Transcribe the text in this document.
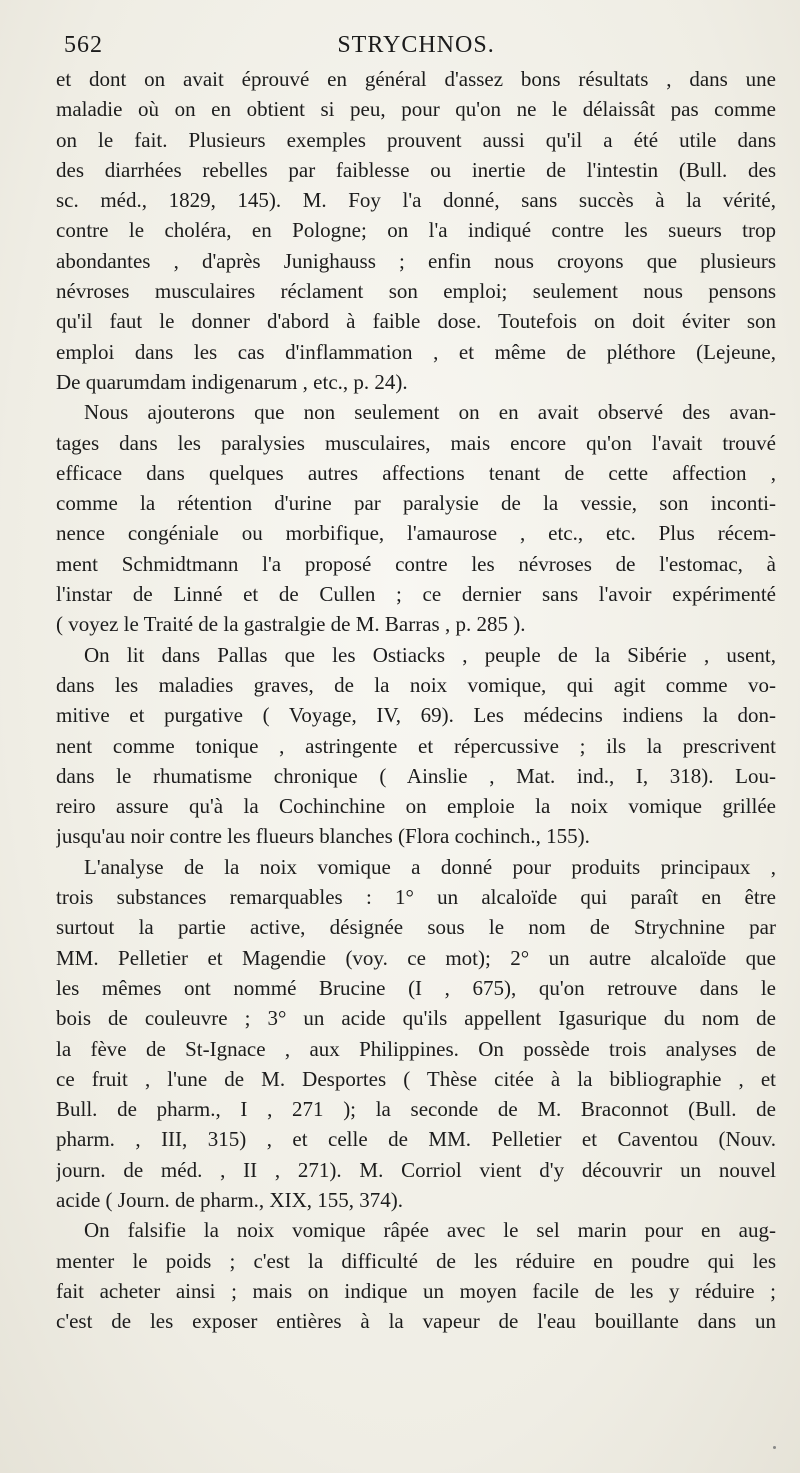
562	STRYCHNOS.
et dont on avait éprouvé en général d'assez bons résultats , dans une
maladie où on en obtient si peu, pour qu'on ne le délaissât pas comme
on le fait. Plusieurs exemples prouvent aussi qu'il a été utile dans
des diarrhées rebelles par faiblesse ou inertie de l'intestin (Bull. des
sc. méd., 1829, 145). M. Foy l'a donné, sans succès à la vérité,
contre le choléra, en Pologne; on l'a indiqué contre les sueurs trop
abondantes , d'après Junighauss ; enfin nous croyons que plusieurs
névroses musculaires réclament son emploi; seulement nous pensons
qu'il faut le donner d'abord à faible dose. Toutefois on doit éviter son
emploi dans les cas d'inflammation , et même de pléthore (Lejeune,
De quarumdam indigenarum , etc., p. 24).
Nous ajouterons que non seulement on en avait observé des avan-
tages dans les paralysies musculaires, mais encore qu'on l'avait trouvé
efficace dans quelques autres affections tenant de cette affection ,
comme la rétention d'urine par paralysie de la vessie, son inconti-
nence congéniale ou morbifique, l'amaurose , etc., etc. Plus récem-
ment Schmidtmann l'a proposé contre les névroses de l'estomac, à
l'instar de Linné et de Cullen ; ce dernier sans l'avoir expérimenté
( voyez le Traité de la gastralgie de M. Barras , p. 285 ).
On lit dans Pallas que les Ostiacks , peuple de la Sibérie , usent,
dans les maladies graves, de la noix vomique, qui agit comme vo-
mitive et purgative ( Voyage, IV, 69). Les médecins indiens la don-
nent comme tonique , astringente et répercussive ; ils la prescrivent
dans le rhumatisme chronique ( Ainslie , Mat. ind., I, 318). Lou-
reiro assure qu'à la Cochinchine on emploie la noix vomique grillée
jusqu'au noir contre les flueurs blanches (Flora cochinch., 155).
L'analyse de la noix vomique a donné pour produits principaux ,
trois substances remarquables : 1° un alcaloïde qui paraît en être
surtout la partie active, désignée sous le nom de Strychnine par
MM. Pelletier et Magendie (voy. ce mot); 2° un autre alcaloïde que
les mêmes ont nommé Brucine (I , 675), qu'on retrouve dans le
bois de couleuvre ; 3° un acide qu'ils appellent Igasurique du nom de
la fève de St-Ignace , aux Philippines. On possède trois analyses de
ce fruit , l'une de M. Desportes ( Thèse citée à la bibliographie , et
Bull. de pharm., I , 271 ); la seconde de M. Braconnot (Bull. de
pharm. , III, 315) , et celle de MM. Pelletier et Caventou (Nouv.
journ. de méd. , II , 271). M. Corriol vient d'y découvrir un nouvel
acide ( Journ. de pharm., XIX, 155, 374).
On falsifie la noix vomique râpée avec le sel marin pour en aug-
menter le poids ; c'est la difficulté de les réduire en poudre qui les
fait acheter ainsi ; mais on indique un moyen facile de les y réduire ;
c'est de les exposer entières à la vapeur de l'eau bouillante dans un
